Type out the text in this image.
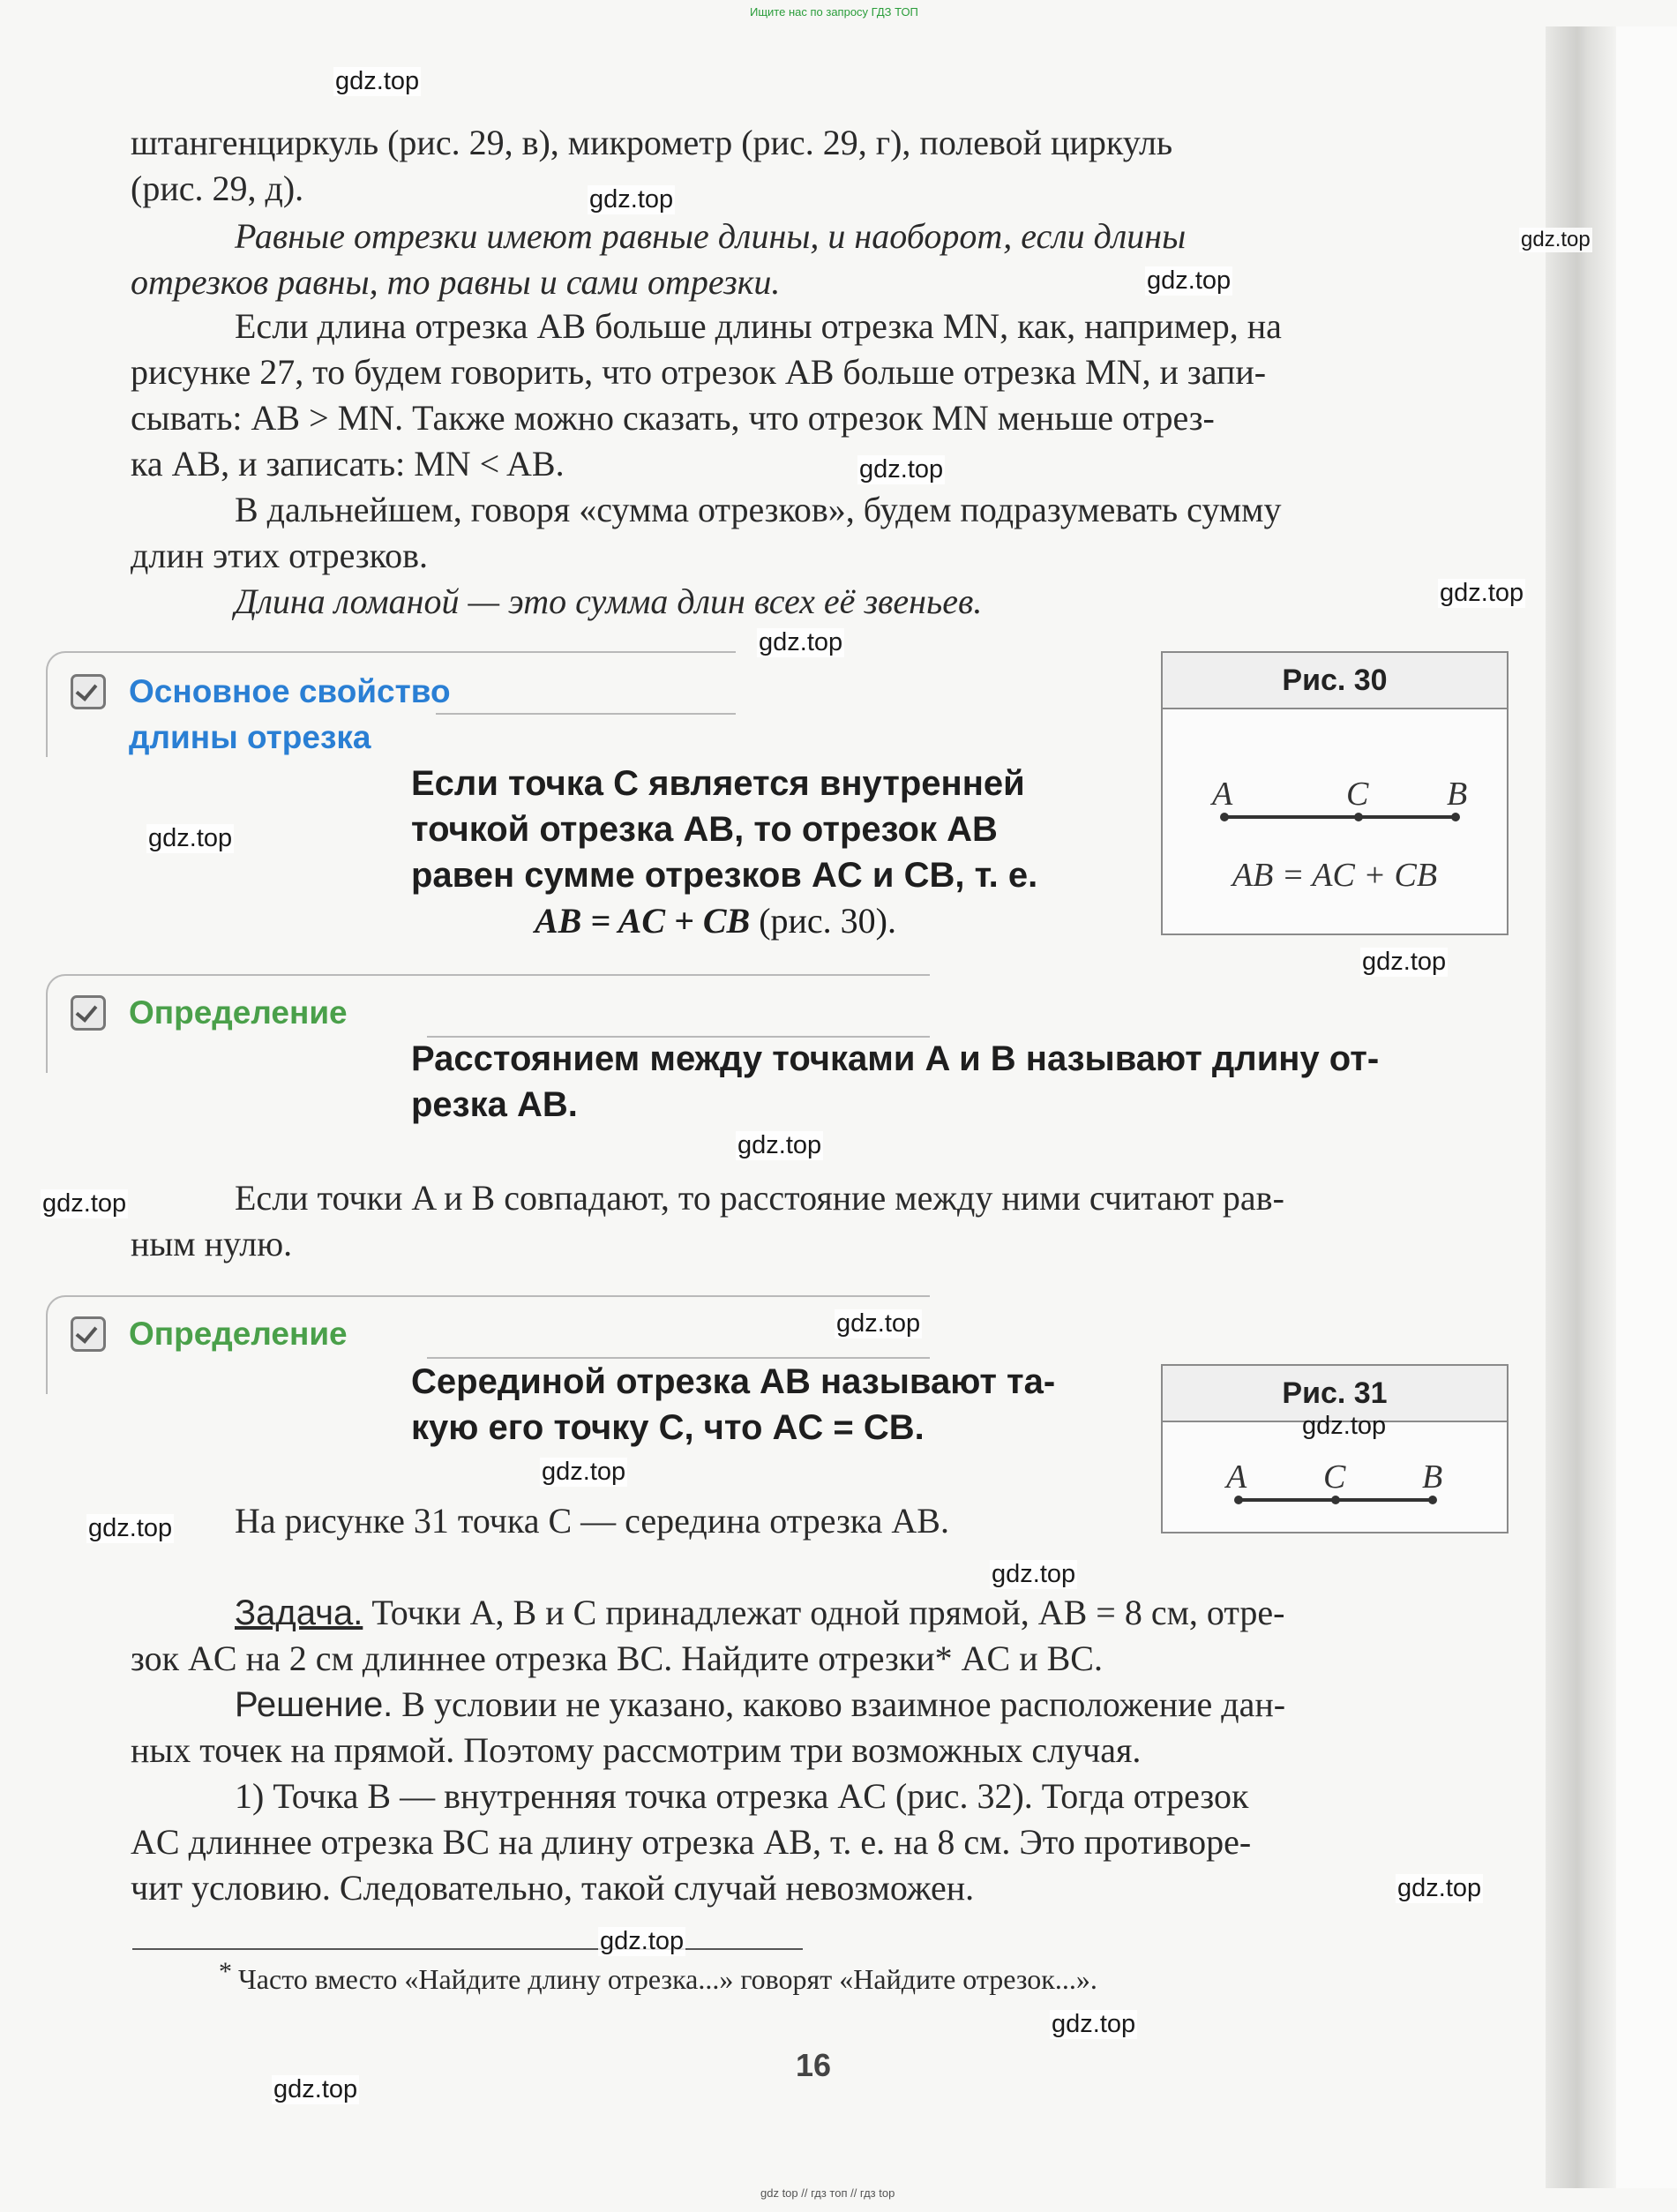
Ищите нас по запросу ГДЗ ТОП
штангенциркуль (рис. 29, в), микрометр (рис. 29, г), полевой циркуль
(рис. 29, д).
Равные отрезки имеют равные длины, и наоборот, если длины
отрезков равны, то равны и сами отрезки.
Если длина отрезка AB больше длины отрезка MN, как, например, на
рисунке 27, то будем говорить, что отрезок AB больше отрезка MN, и запи-
сывать: AB > MN. Также можно сказать, что отрезок MN меньше отрез-
ка AB, и записать: MN < AB.
В дальнейшем, говоря «сумма отрезков», будем подразумевать сумму
длин этих отрезков.
Длина ломаной — это сумма длин всех её звеньев.
Основное свойство
длины отрезка
Если точка C является внутренней
точкой отрезка AB, то отрезок AB
равен сумме отрезков AC и CB, т. е.
AB = AC + CB (рис. 30).
Рис. 30
A	C B
AB = AC + CB
Определение
Расстоянием между точками A и B называют длину от-
резка AB.
Если точки A и B совпадают, то расстояние между ними считают рав-
ным нулю.
Определение
Серединой отрезка AB называют та-
кую его точку C, что AC = CB.
Рис. 31
A C B
На рисунке 31 точка C — середина отрезка AB.
Задача. Точки A, B и C принадлежат одной прямой, AB = 8 см, отре-
зок AC на 2 см длиннее отрезка BC. Найдите отрезки* AC и BC.
Решение. В условии не указано, каково взаимное расположение дан-
ных точек на прямой. Поэтому рассмотрим три возможных случая.
1) Точка B — внутренняя точка отрезка AC (рис. 32). Тогда отрезок
AC длиннее отрезка BC на длину отрезка AB, т. е. на 8 см. Это противоре-
чит условию. Следовательно, такой случай невозможен.
* Часто вместо «Найдите длину отрезка...» говорят «Найдите отрезок...».
16
gdz.top
gdz.top
gdz.top
gdz.top
gdz.top
gdz.top
gdz.top
gdz.top
gdz.top
gdz.top
gdz.top
gdz.top
gdz.top
gdz.top
gdz.top
gdz.top
gdz.top
gdz.top
gdz.top
gdz.top
gdz top // гдз топ // гдз top
